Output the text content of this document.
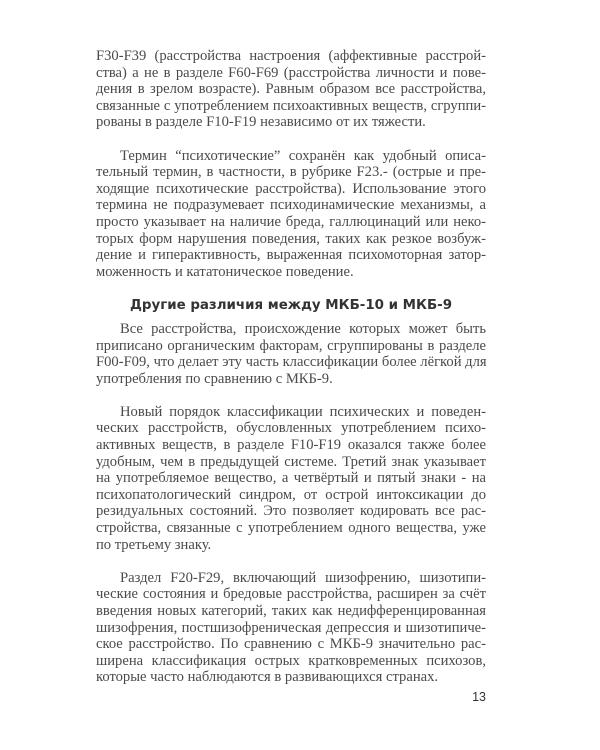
F30-F39 (расстройства настроения (аффективные расстрой-
ства) а не в разделе F60-F69 (расстройства личности и пове-
дения в зрелом возрасте). Равным образом все расстройства,
связанные с употреблением психоактивных веществ, сгруппи-
рованы в разделе F10-F19 независимо от их тяжести.
Термин “психотические” сохранён как удобный описа-
тельный термин, в частности, в рубрике F23.- (острые и пре-
ходящие психотические расстройства). Использование этого
термина не подразумевает психодинамические механизмы, а
просто указывает на наличие бреда, галлюцинаций или неко-
торых форм нарушения поведения, таких как резкое возбуж-
дение и гиперактивность, выраженная психомоторная затор-
моженность и кататоническое поведение.
Другие различия между МКБ-10 и МКБ-9
Все расстройства, происхождение которых может быть
приписано органическим факторам, сгруппированы в разделе
F00-F09, что делает эту часть классификации более лёгкой для
употребления по сравнению с МКБ-9.
Новый порядок классификации психических и поведен-
ческих расстройств, обусловленных употреблением психо-
активных веществ, в разделе F10-F19 оказался также более
удобным, чем в предыдущей системе. Третий знак указывает
на употребляемое вещество, а четвёртый и пятый знаки - на
психопатологический синдром, от острой интоксикации до
резидуальных состояний. Это позволяет кодировать все рас-
стройства, связанные с употреблением одного вещества, уже
по третьему знаку.
Раздел F20-F29, включающий шизофрению, шизотипи-
ческие состояния и бредовые расстройства, расширен за счёт
введения новых категорий, таких как недифференцированная
шизофрения, постшизофреническая депрессия и шизотипиче-
ское расстройство. По сравнению с МКБ-9 значительно рас-
ширена классификация острых кратковременных психозов,
которые часто наблюдаются в развивающихся странах.
13
